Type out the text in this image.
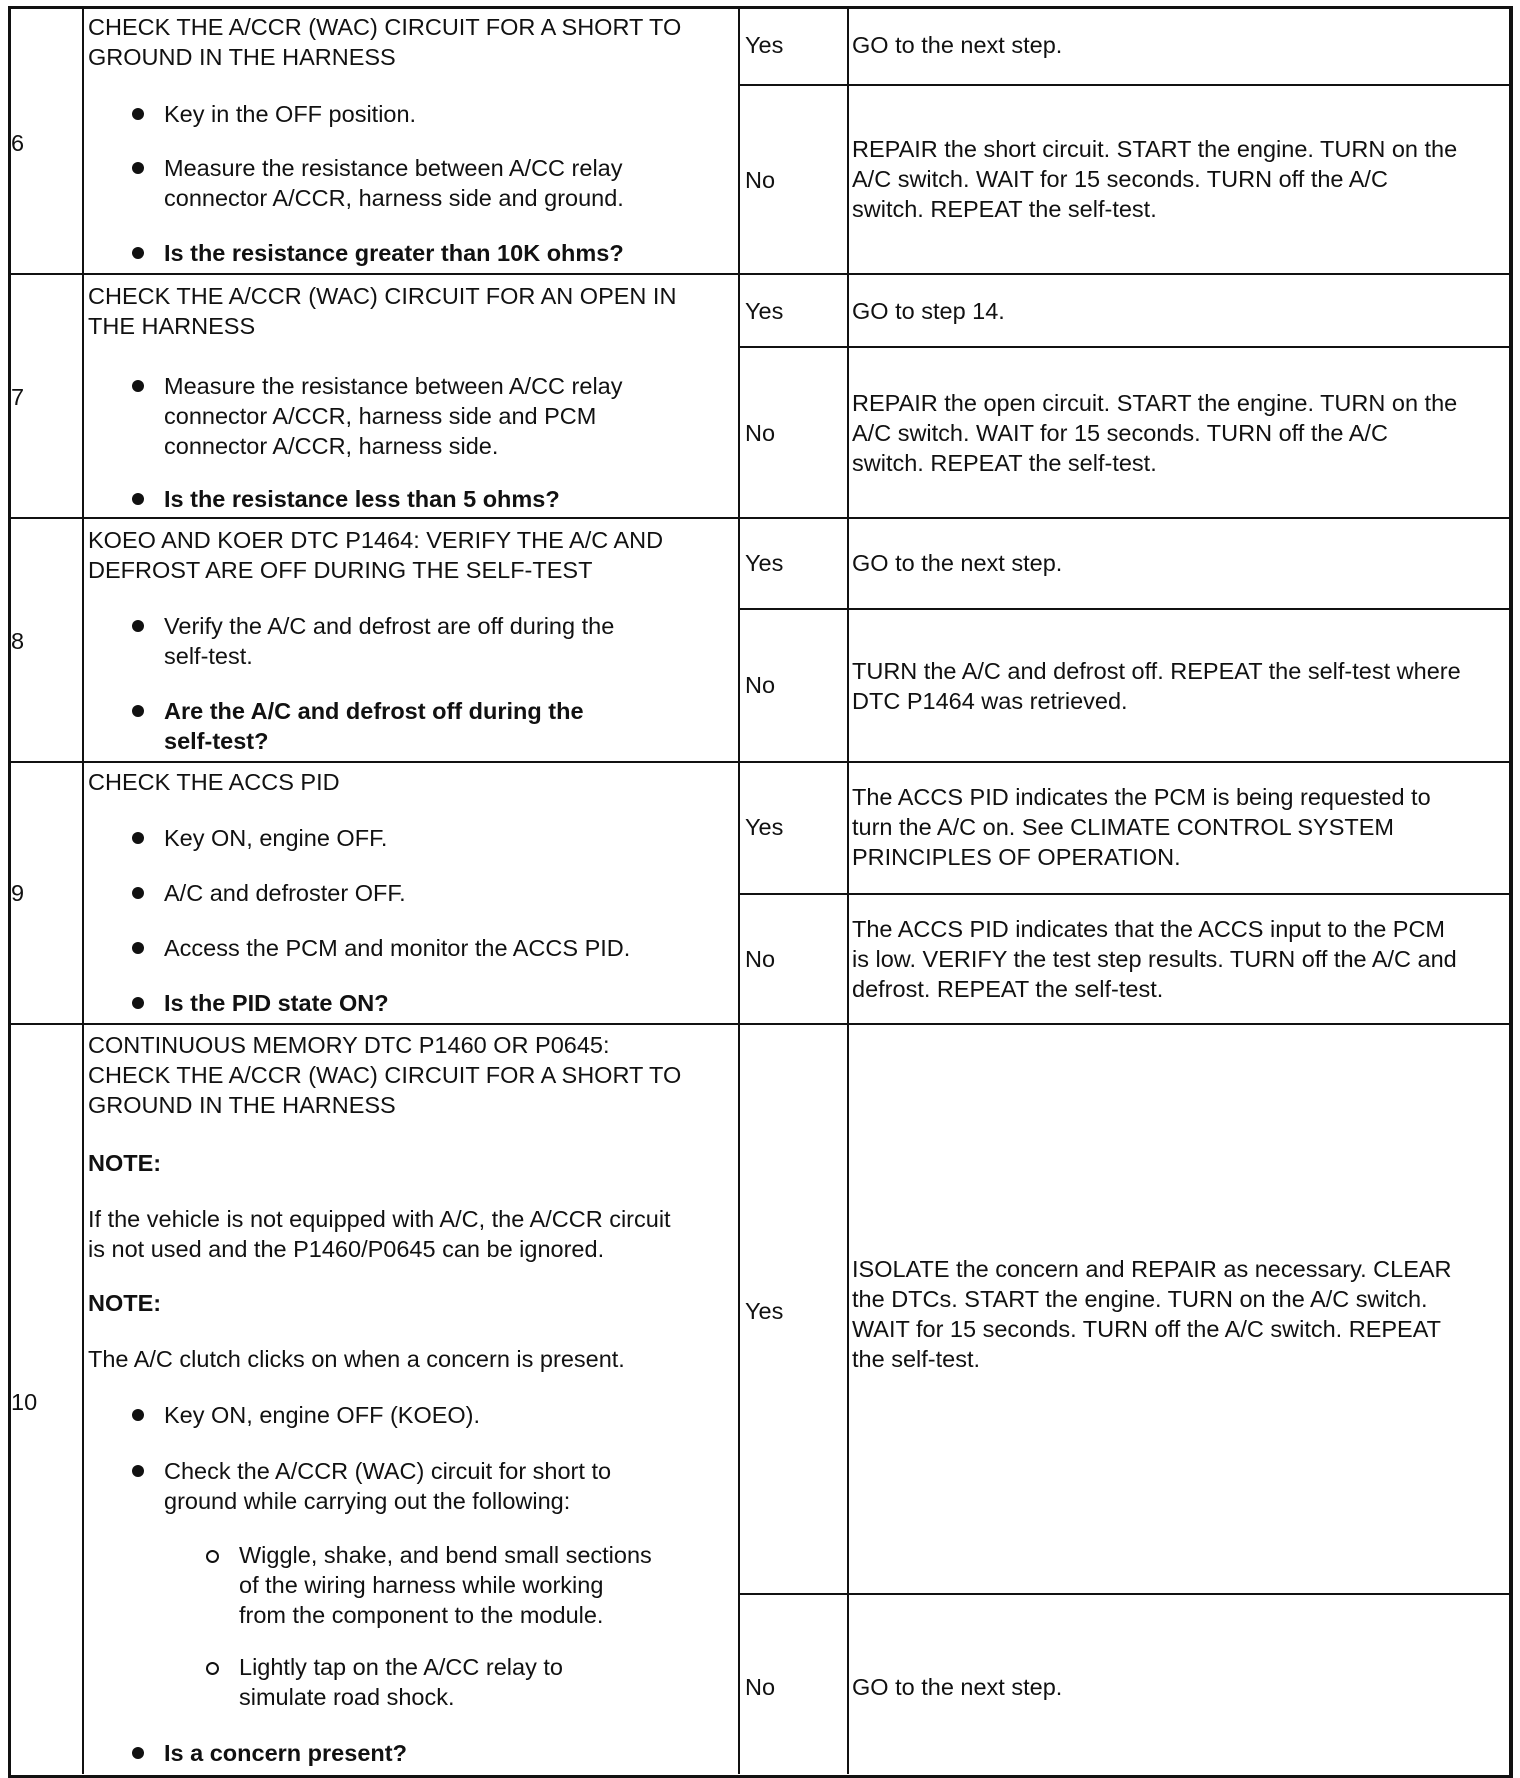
6
CHECK THE A/CCR (WAC) CIRCUIT FOR A SHORT TO
GROUND IN THE HARNESS
Key in the OFF position.
Measure the resistance between A/CC relay
connector A/CCR, harness side and ground.
Is the resistance greater than 10K ohms?
Yes
No
GO to the next step.
REPAIR the short circuit. START the engine. TURN on the
A/C switch. WAIT for 15 seconds. TURN off the A/C
switch. REPEAT the self-test.
7
CHECK THE A/CCR (WAC) CIRCUIT FOR AN OPEN IN
THE HARNESS
Measure the resistance between A/CC relay
connector A/CCR, harness side and PCM
connector A/CCR, harness side.
Is the resistance less than 5 ohms?
Yes
No
GO to step 14.
REPAIR the open circuit. START the engine. TURN on the
A/C switch. WAIT for 15 seconds. TURN off the A/C
switch. REPEAT the self-test.
8
KOEO AND KOER DTC P1464: VERIFY THE A/C AND
DEFROST ARE OFF DURING THE SELF-TEST
Verify the A/C and defrost are off during the
self-test.
Are the A/C and defrost off during the
self-test?
Yes
No
GO to the next step.
TURN the A/C and defrost off. REPEAT the self-test where
DTC P1464 was retrieved.
9
CHECK THE ACCS PID
Key ON, engine OFF.
A/C and defroster OFF.
Access the PCM and monitor the ACCS PID.
Is the PID state ON?
Yes
No
The ACCS PID indicates the PCM is being requested to
turn the A/C on. See CLIMATE CONTROL SYSTEM
PRINCIPLES OF OPERATION.
The ACCS PID indicates that the ACCS input to the PCM
is low. VERIFY the test step results. TURN off the A/C and
defrost. REPEAT the self-test.
10
CONTINUOUS MEMORY DTC P1460 OR P0645:
CHECK THE A/CCR (WAC) CIRCUIT FOR A SHORT TO
GROUND IN THE HARNESS
NOTE:
If the vehicle is not equipped with A/C, the A/CCR circuit
is not used and the P1460/P0645 can be ignored.
NOTE:
The A/C clutch clicks on when a concern is present.
Key ON, engine OFF (KOEO).
Check the A/CCR (WAC) circuit for short to
ground while carrying out the following:
Wiggle, shake, and bend small sections
of the wiring harness while working
from the component to the module.
Lightly tap on the A/CC relay to
simulate road shock.
Is a concern present?
Yes
No
ISOLATE the concern and REPAIR as necessary. CLEAR
the DTCs. START the engine. TURN on the A/C switch.
WAIT for 15 seconds. TURN off the A/C switch. REPEAT
the self-test.
GO to the next step.
